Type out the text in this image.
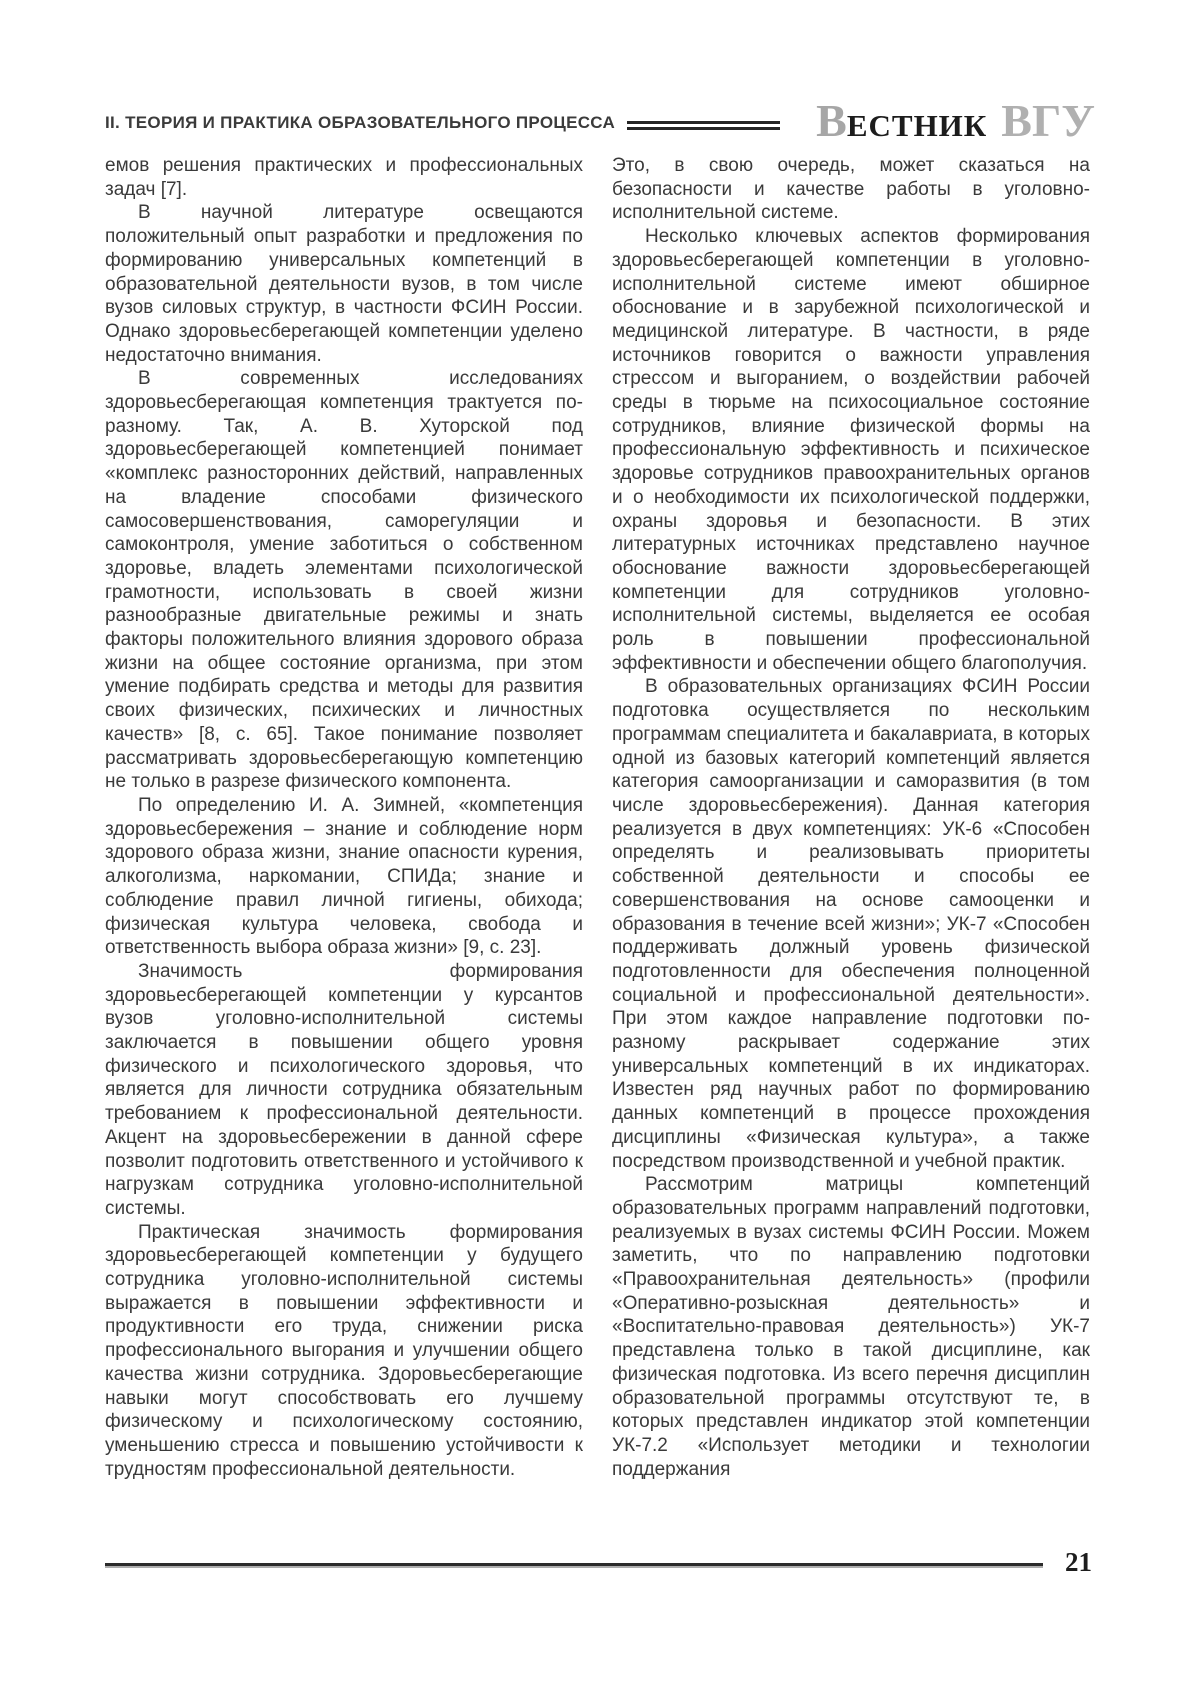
II. ТЕОРИЯ И ПРАКТИКА ОБРАЗОВАТЕЛЬНОГО ПРОЦЕССА	В ЕСТНИК ВГУ

емов решения практических и профессиональных задач [7].

В научной литературе освещаются положительный опыт разработки и предложения по формированию универсальных компетенций в образовательной деятельности вузов, в том числе вузов силовых структур, в частности ФСИН России. Однако здоровьесберегающей компетенции уделено недостаточно внимания.

В современных исследованиях здоровьесберегающая компетенция трактуется по-разному. Так, А. В. Хуторской под здоровьесберегающей компетенцией понимает «комплекс разносторонних действий, направленных на владение способами физического самосовершенствования, саморегуляции и самоконтроля, умение заботиться о собственном здоровье, владеть элементами психологической грамотности, использовать в своей жизни разнообразные двигательные режимы и знать факторы положительного влияния здорового образа жизни на общее состояние организма, при этом умение подбирать средства и методы для развития своих физических, психических и личностных качеств» [8, с. 65]. Такое понимание позволяет рассматривать здоровьесберегающую компетенцию не только в разрезе физического компонента.

По определению И. А. Зимней, «компетенция здоровьесбережения – знание и соблюдение норм здорового образа жизни, знание опасности курения, алкоголизма, наркомании, СПИДа; знание и соблюдение правил личной гигиены, обихода; физическая культура человека, свобода и ответственность выбора образа жизни» [9, с. 23].

Значимость формирования здоровьесберегающей компетенции у курсантов вузов уголовно-исполнительной системы заключается в повышении общего уровня физического и психологического здоровья, что является для личности сотрудника обязательным требованием к профессиональной деятельности. Акцент на здоровьесбережении в данной сфере позволит подготовить ответственного и устойчивого к нагрузкам сотрудника уголовно-исполнительной системы.

Практическая значимость формирования здоровьесберегающей компетенции у будущего сотрудника уголовно-исполнительной системы выражается в повышении эффективности и продуктивности его труда, снижении риска профессионального выгорания и улучшении общего качества жизни сотрудника. Здоровьесберегающие навыки могут способствовать его лучшему физическому и психологическому состоянию, уменьшению стресса и повышению устойчивости к трудностям профессиональной деятельности.

Это, в свою очередь, может сказаться на безопасности и качестве работы в уголовно-исполнительной системе.

Несколько ключевых аспектов формирования здоровьесберегающей компетенции в уголовно-исполнительной системе имеют обширное обоснование и в зарубежной психологической и медицинской литературе. В частности, в ряде источников говорится о важности управления стрессом и выгоранием, о воздействии рабочей среды в тюрьме на психосоциальное состояние сотрудников, влияние физической формы на профессиональную эффективность и психическое здоровье сотрудников правоохранительных органов и о необходимости их психологической поддержки, охраны здоровья и безопасности. В этих литературных источниках представлено научное обоснование важности здоровьесберегающей компетенции для сотрудников уголовно-исполнительной системы, выделяется ее особая роль в повышении профессиональной эффективности и обеспечении общего благополучия.

В образовательных организациях ФСИН России подготовка осуществляется по нескольким программам специалитета и бакалавриата, в которых одной из базовых категорий компетенций является категория самоорганизации и саморазвития (в том числе здоровьесбережения). Данная категория реализуется в двух компетенциях: УК-6 «Способен определять и реализовывать приоритеты собственной деятельности и способы ее совершенствования на основе самооценки и образования в течение всей жизни»; УК-7 «Способен поддерживать должный уровень физической подготовленности для обеспечения полноценной социальной и профессиональной деятельности». При этом каждое направление подготовки по-разному раскрывает содержание этих универсальных компетенций в их индикаторах. Известен ряд научных работ по формированию данных компетенций в процессе прохождения дисциплины «Физическая культура», а также посредством производственной и учебной практик.

Рассмотрим матрицы компетенций образовательных программ направлений подготовки, реализуемых в вузах системы ФСИН России. Можем заметить, что по направлению подготовки «Правоохранительная деятельность» (профили «Оперативно-розыскная деятельность» и «Воспитательно-правовая деятельность») УК-7 представлена только в такой дисциплине, как физическая подготовка. Из всего перечня дисциплин образовательной программы отсутствуют те, в которых представлен индикатор этой компетенции УК-7.2 «Использует методики и технологии поддержания

21
